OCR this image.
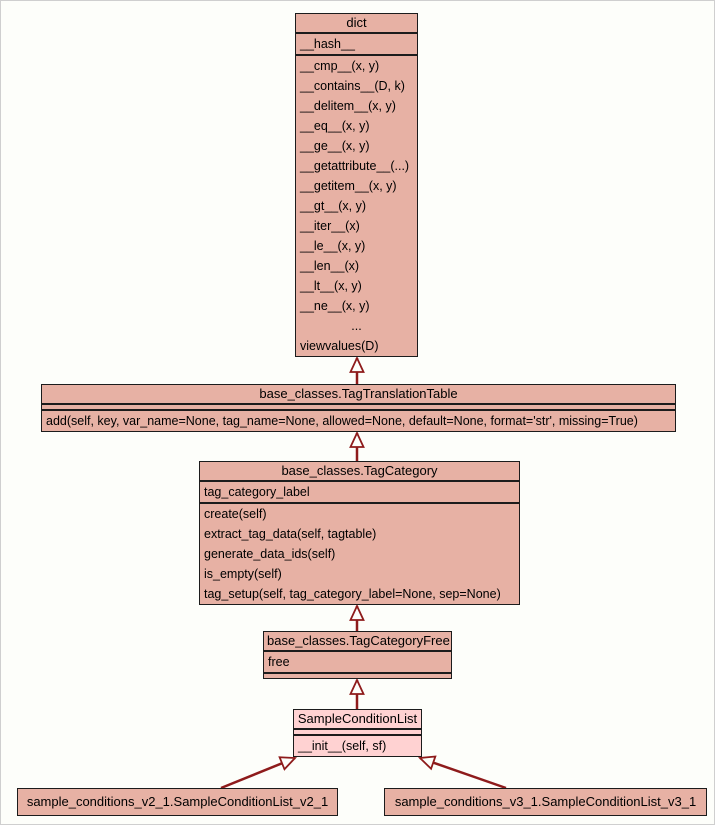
dict
__hash__
__cmp__(x, y)
__contains__(D, k)
__delitem__(x, y)
__eq__(x, y)
__ge__(x, y)
__getattribute__(...)
__getitem__(x, y)
__gt__(x, y)
__iter__(x)
__le__(x, y)
__len__(x)
__lt__(x, y)
__ne__(x, y)
...
viewvalues(D)
base_classes.TagTranslationTable
add(self, key, var_name=None, tag_name=None, allowed=None, default=None, format='str', missing=True)
base_classes.TagCategory
tag_category_label
create(self)
extract_tag_data(self, tagtable)
generate_data_ids(self)
is_empty(self)
tag_setup(self, tag_category_label=None, sep=None)
base_classes.TagCategoryFree
free
SampleConditionList
__init__(self, sf)
sample_conditions_v2_1.SampleConditionList_v2_1	sample_conditions_v3_1.SampleConditionList_v3_1
